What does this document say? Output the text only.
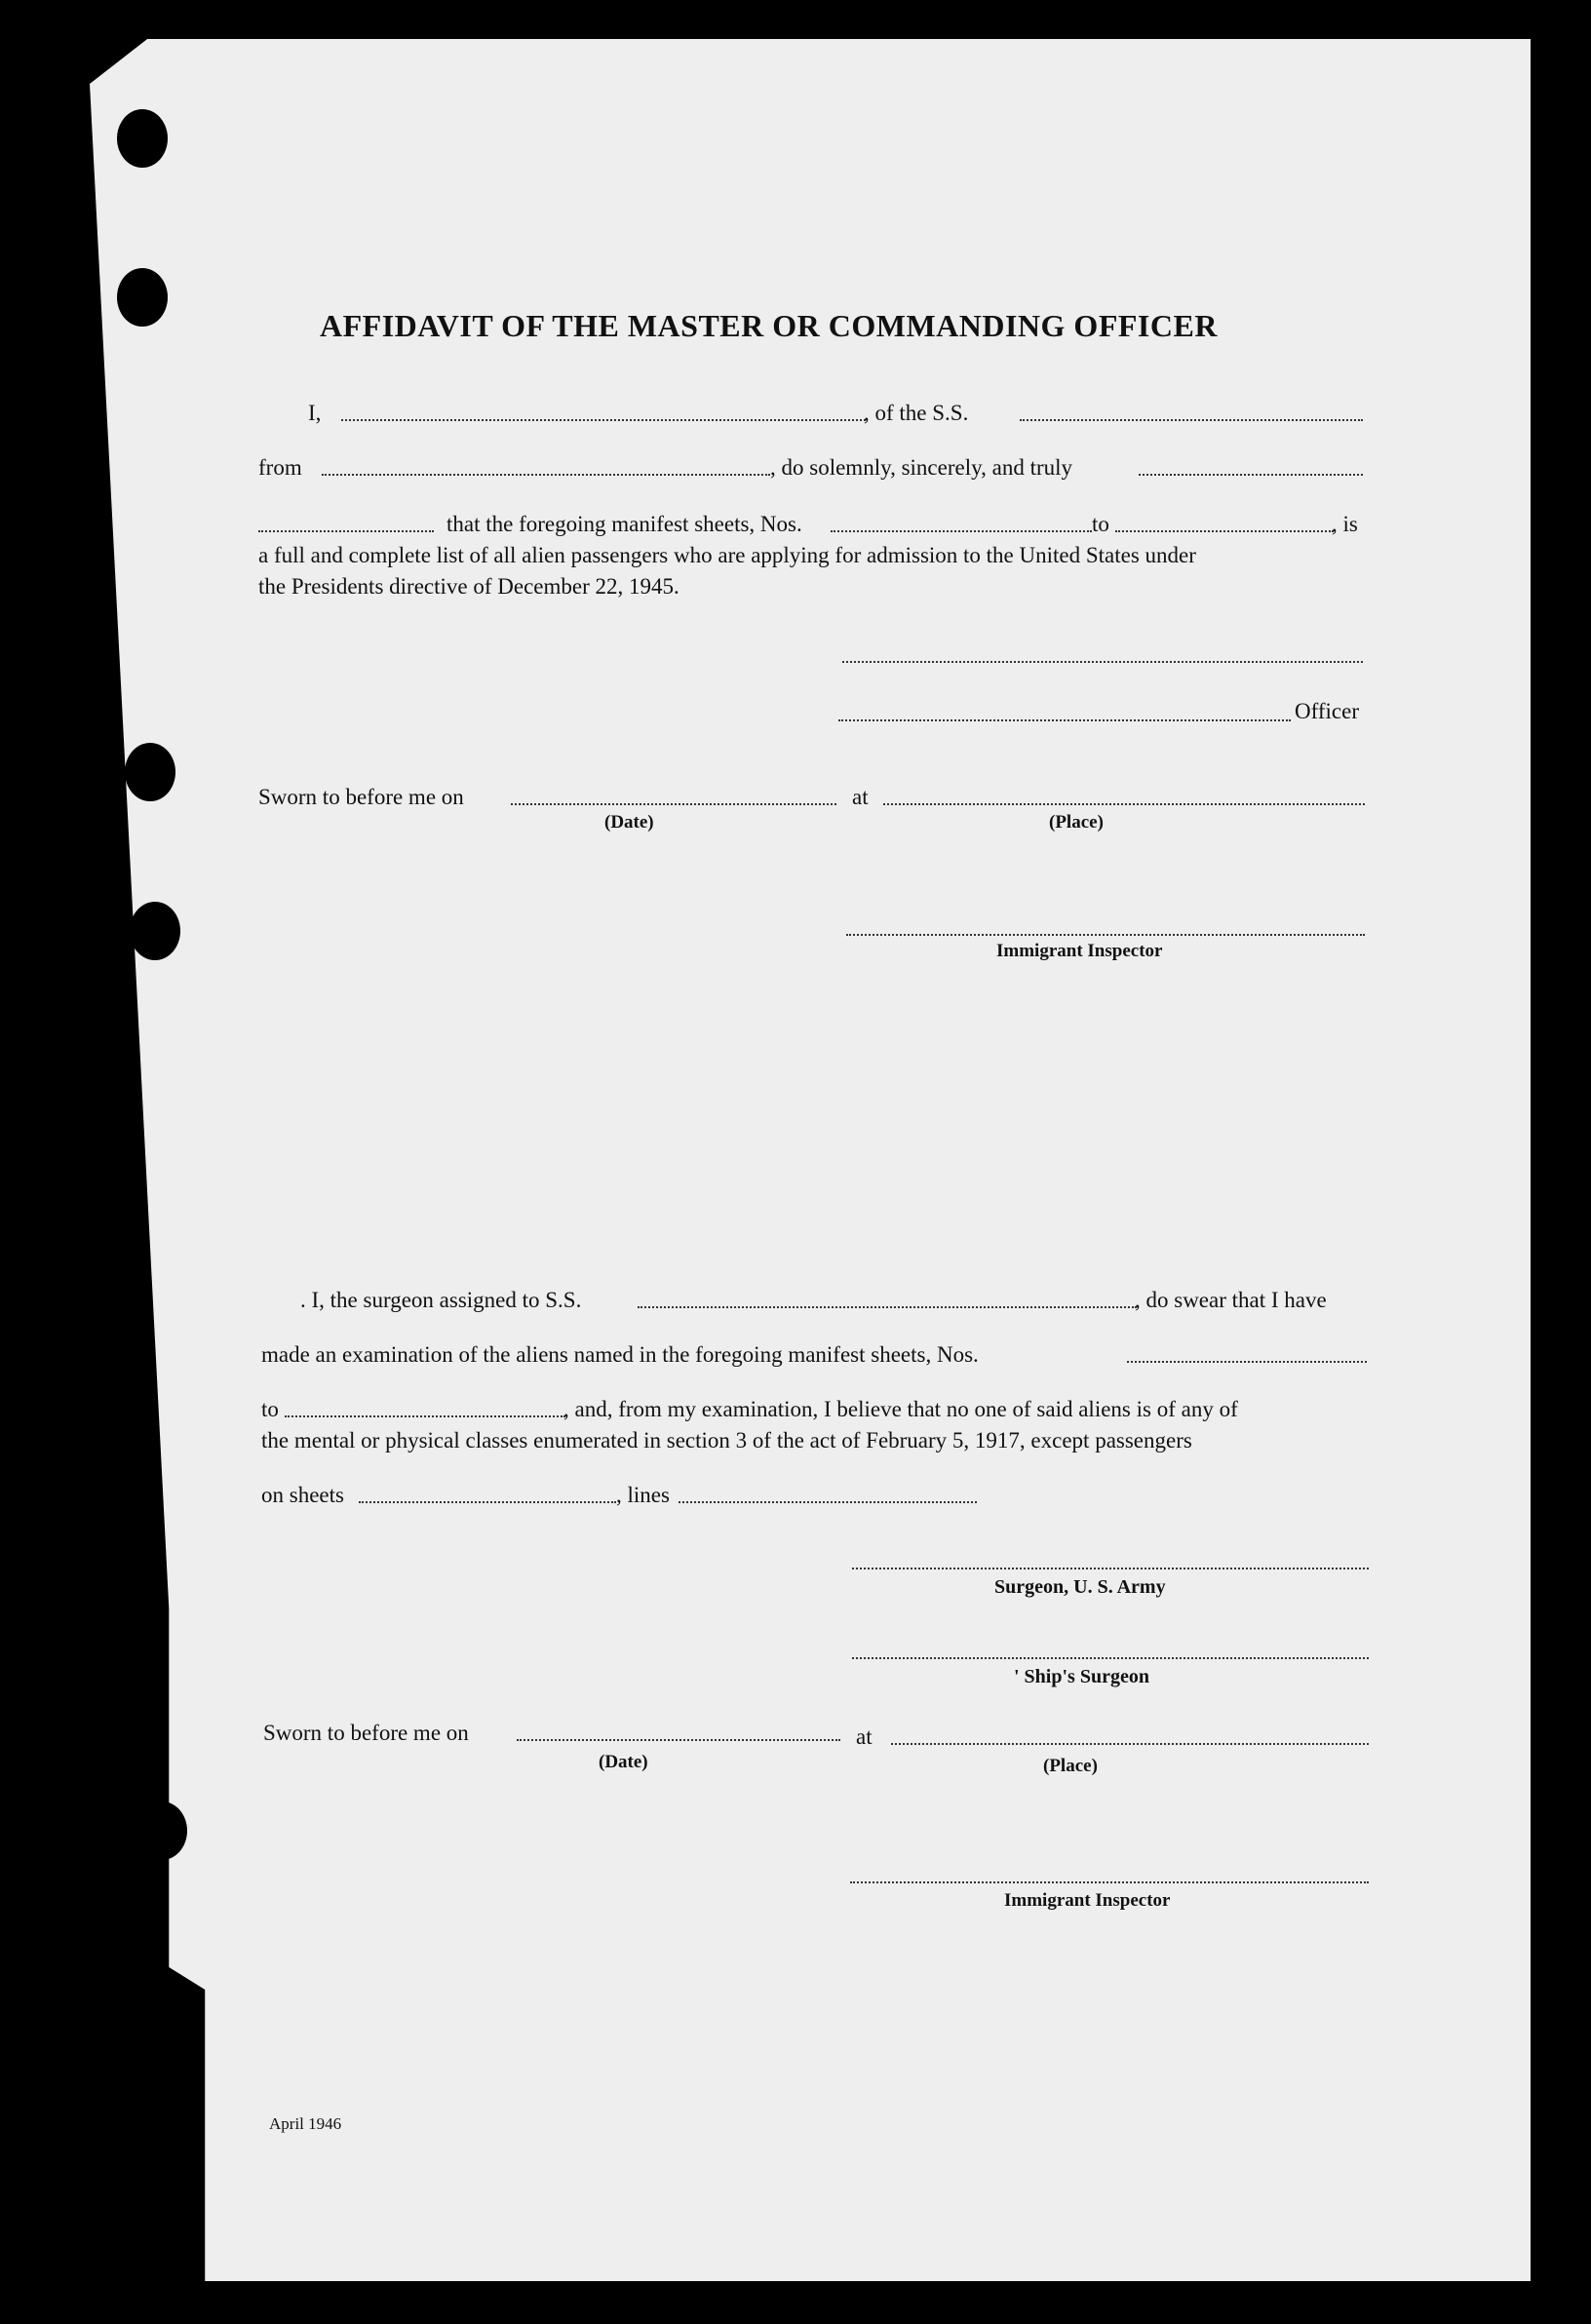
AFFIDAVIT OF THE MASTER OR COMMANDING OFFICER
I,	, of the S.S.
from	, do solemnly, sincerely, and truly
that the foregoing manifest sheets, Nos.	to	, is
a full and complete list of all alien passengers who are applying for admission to the United States under
the Presidents directive of December 22, 1945.
Officer
Sworn to before me on	at
(Date)	(Place)
Immigrant Inspector
. I, the surgeon assigned to S.S.	, do swear that I have
made an examination of the aliens named in the foregoing manifest sheets, Nos.
to	, and, from my examination, I believe that no one of said aliens is of any of
the mental or physical classes enumerated in section 3 of the act of February 5, 1917, except passengers
on sheets	, lines
Surgeon, U. S. Army
' Ship's Surgeon
Sworn to before me on	at
(Date)	(Place)
Immigrant Inspector
April 1946
